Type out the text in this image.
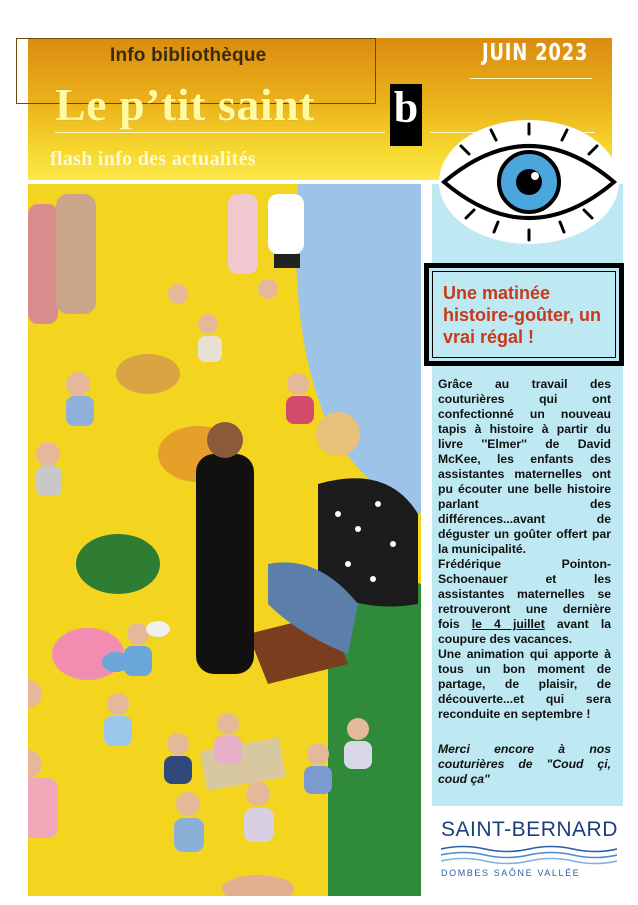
Info bibliothèque	JUIN 2023
Le p’tit saint b
flash info des actualités
Une matinée histoire-goûter, un vrai régal !

Grâce au travail des couturières qui ont confectionné un nouveau tapis à histoire à partir du livre ''Elmer'' de David McKee, les enfants des assistantes maternelles ont pu écouter une belle histoire parlant des différences...avant de déguster un goûter offert par la municipalité.

Frédérique Pointon-Schoenauer et les assistantes maternelles se retrouveront une dernière fois le 4 juillet avant la coupure des vacances.

Une animation qui apporte à tous un bon moment de partage, de plaisir, de découverte...et qui sera reconduite en septembre !

Merci encore à nos couturières de "Coud çi, coud ça"
SAINT-BERNARD
DOMBES SAÔNE VALLÉE
